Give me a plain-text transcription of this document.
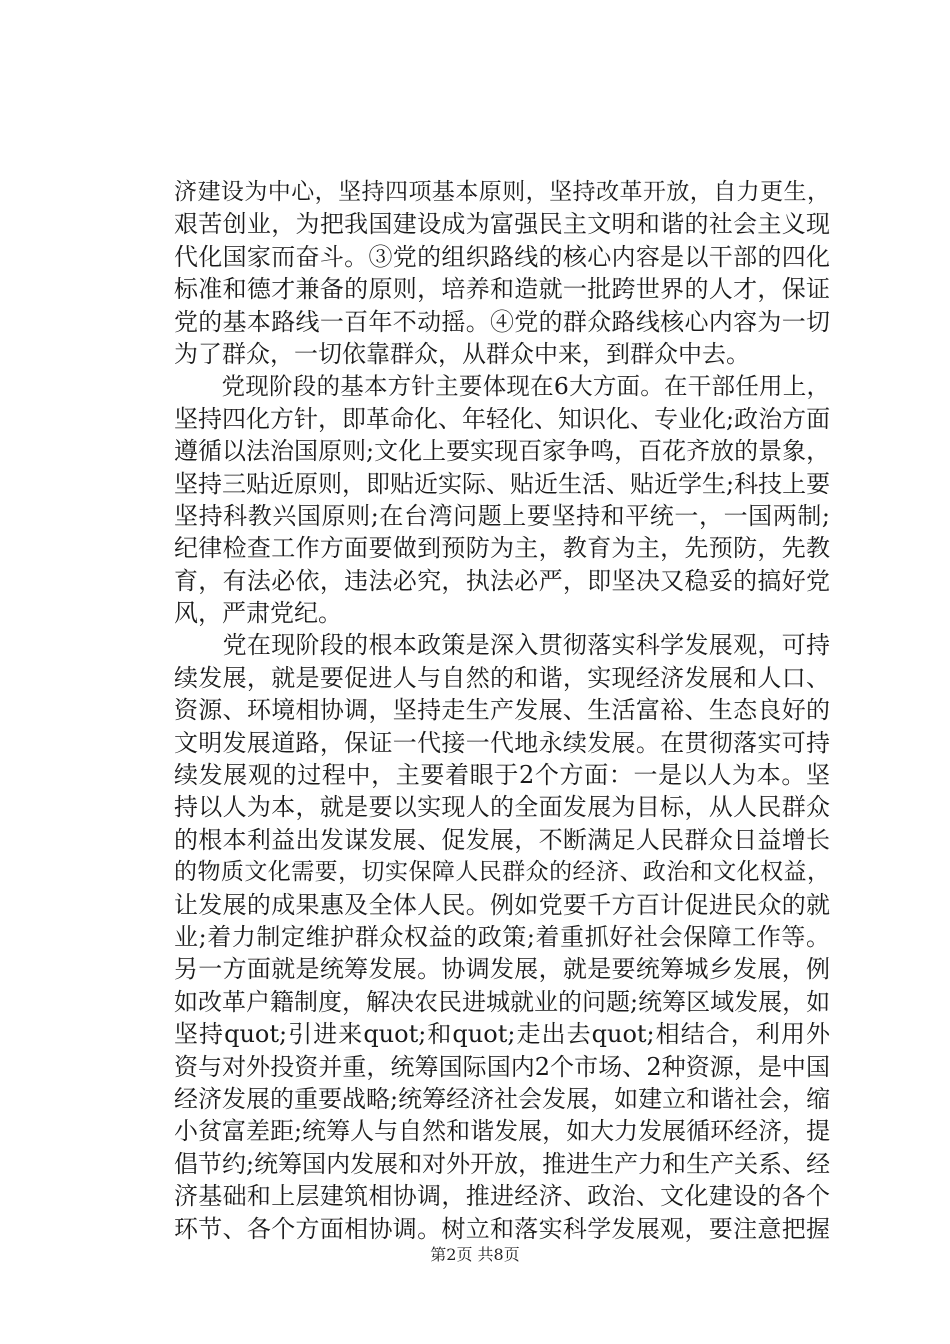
济建设为中心，坚持四项基本原则，坚持改革开放，自力更生，
艰苦创业，为把我国建设成为富强民主文明和谐的社会主义现
代化国家而奋斗。③党的组织路线的核心内容是以干部的四化
标准和德才兼备的原则，培养和造就一批跨世界的人才，保证
党的基本路线一百年不动摇。④党的群众路线核心内容为一切
为了群众，一切依靠群众，从群众中来，到群众中去。
　　党现阶段的基本方针主要体现在6大方面。在干部任用上，
坚持四化方针，即革命化、年轻化、知识化、专业化;政治方面
遵循以法治国原则;文化上要实现百家争鸣，百花齐放的景象，
坚持三贴近原则，即贴近实际、贴近生活、贴近学生;科技上要
坚持科教兴国原则;在台湾问题上要坚持和平统一，一国两制;
纪律检查工作方面要做到预防为主，教育为主，先预防，先教
育，有法必依，违法必究，执法必严，即坚决又稳妥的搞好党
风，严肃党纪。
　　党在现阶段的根本政策是深入贯彻落实科学发展观，可持
续发展，就是要促进人与自然的和谐，实现经济发展和人口、
资源、环境相协调，坚持走生产发展、生活富裕、生态良好的
文明发展道路，保证一代接一代地永续发展。在贯彻落实可持
续发展观的过程中，主要着眼于2个方面：一是以人为本。坚
持以人为本，就是要以实现人的全面发展为目标，从人民群众
的根本利益出发谋发展、促发展，不断满足人民群众日益增长
的物质文化需要，切实保障人民群众的经济、政治和文化权益，
让发展的成果惠及全体人民。例如党要千方百计促进民众的就
业;着力制定维护群众权益的政策;着重抓好社会保障工作等。
另一方面就是统筹发展。协调发展，就是要统筹城乡发展，例
如改革户籍制度，解决农民进城就业的问题;统筹区域发展，如
坚持quot;引进来quot;和quot;走出去quot;相结合，利用外
资与对外投资并重，统筹国际国内2个市场、2种资源，是中国
经济发展的重要战略;统筹经济社会发展，如建立和谐社会，缩
小贫富差距;统筹人与自然和谐发展，如大力发展循环经济，提
倡节约;统筹国内发展和对外开放，推进生产力和生产关系、经
济基础和上层建筑相协调，推进经济、政治、文化建设的各个
环节、各个方面相协调。树立和落实科学发展观，要注意把握
第2页 共8页
